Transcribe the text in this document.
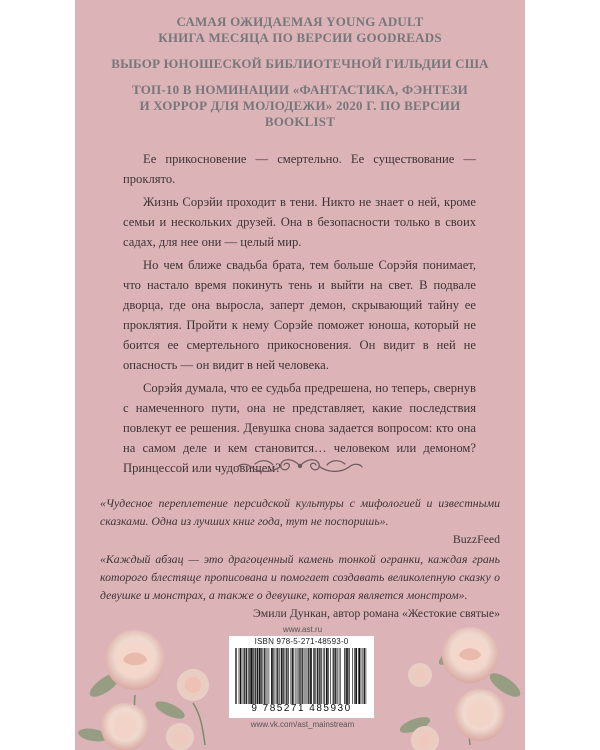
САМАЯ ОЖИДАЕМАЯ YOUNG ADULT
КНИГА МЕСЯЦА ПО ВЕРСИИ GOODREADS
ВЫБОР ЮНОШЕСКОЙ БИБЛИОТЕЧНОЙ ГИЛЬДИИ США
ТОП-10 В НОМИНАЦИИ «ФАНТАСТИКА, ФЭНТЕЗИ
И ХОРРОР ДЛЯ МОЛОДЕЖИ» 2020 Г. ПО ВЕРСИИ
BOOKLIST

Ее прикосновение — смертельно. Ее существование — проклято.

Жизнь Сорэйи проходит в тени. Никто не знает о ней, кроме семьи и нескольких друзей. Она в безопасности только в своих садах, для нее они — целый мир.

Но чем ближе свадьба брата, тем больше Сорэйя понимает, что настало время покинуть тень и выйти на свет. В подвале дворца, где она выросла, заперт демон, скрывающий тайну ее проклятия. Пройти к нему Сорэйе поможет юноша, который не боится ее смертельного прикосновения. Он видит в ней не опасность — он видит в ней человека.

Сорэйя думала, что ее судьба предрешена, но теперь, свернув с намеченного пути, она не представляет, какие последствия повлекут ее решения. Девушка снова задается вопросом: кто она на самом деле и кем становится… человеком или демоном? Принцессой или чудовищем?

«Чудесное переплетение персидской культуры с мифологией и известными сказками. Одна из лучших книг года, тут не поспоришь».
BuzzFeed
«Каждый абзац — это драгоценный камень тонкой огранки, каждая грань которого блестяще прописована и помогает создавать великолепную сказку о девушке и монстрах, а также о девушке, которая является монстром».
Эмили Дункан, автор романа «Жестокие святые»
www.ast.ru
ISBN 978-5-271-48593-0
9 785271 485930
www.vk.com/ast_mainstream
